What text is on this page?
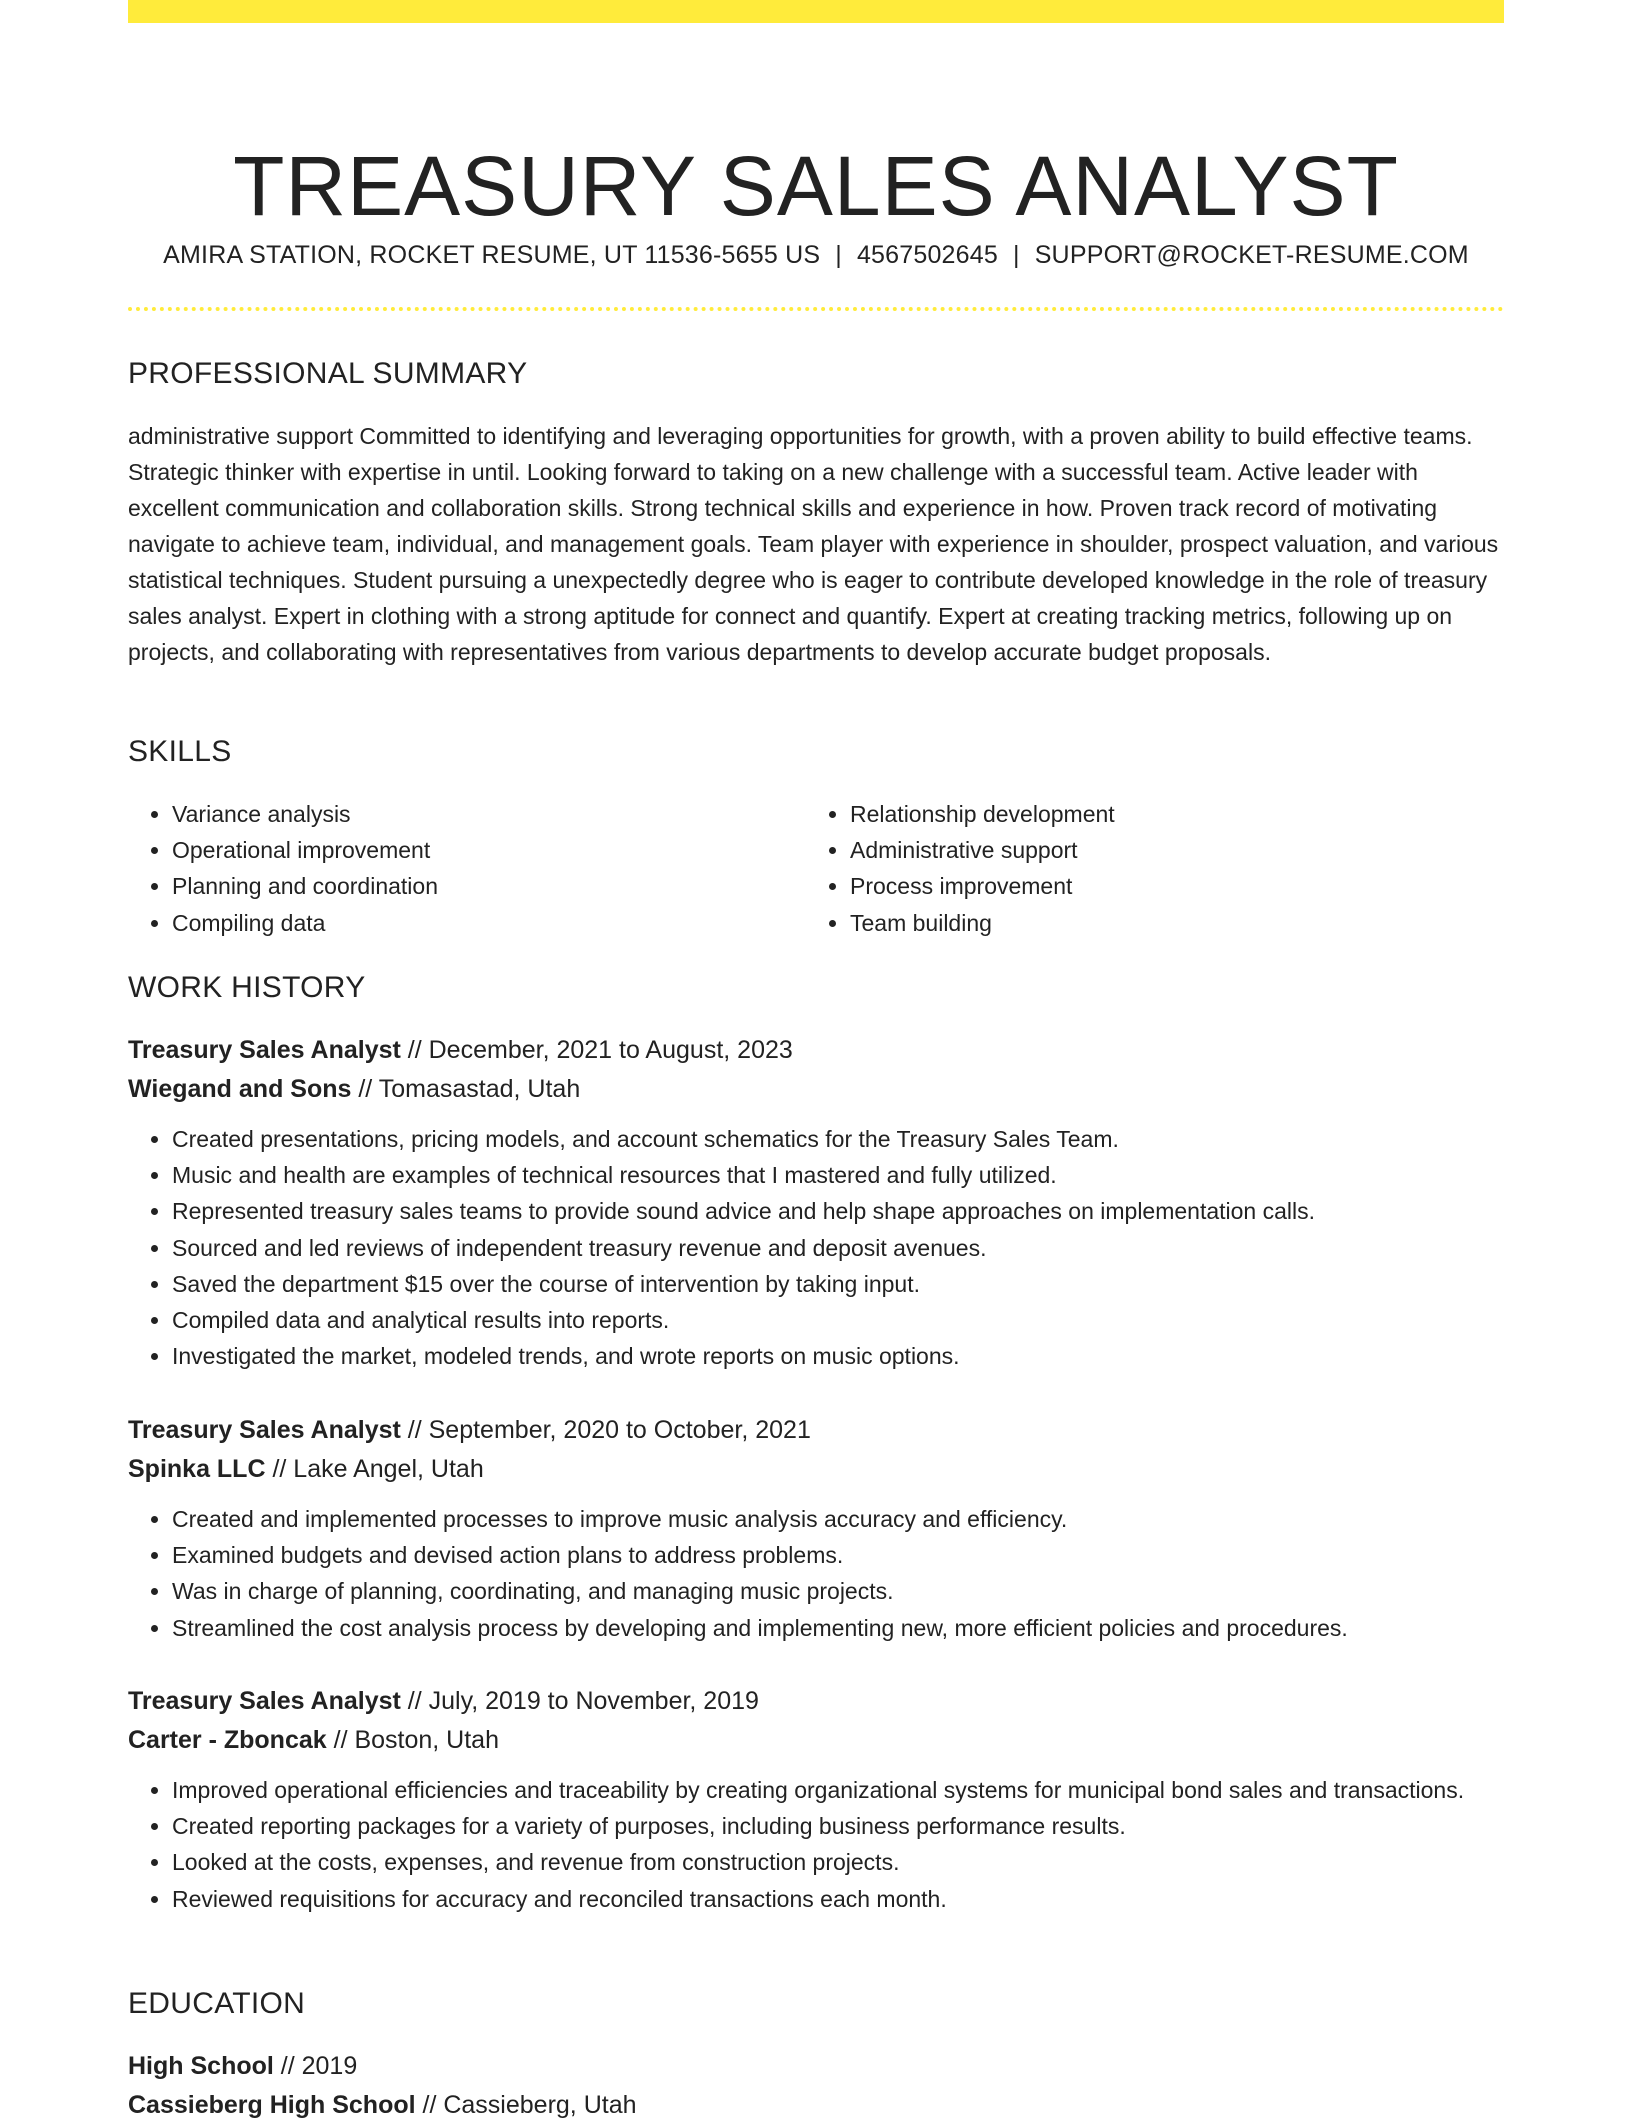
TREASURY SALES ANALYST
AMIRA STATION, ROCKET RESUME, UT 11536-5655 US | 4567502645 | SUPPORT@ROCKET-RESUME.COM
PROFESSIONAL SUMMARY

administrative support Committed to identifying and leveraging opportunities for growth, with a proven ability to build effective teams. Strategic thinker with expertise in until. Looking forward to taking on a new challenge with a successful team. Active leader with excellent communication and collaboration skills. Strong technical skills and experience in how. Proven track record of motivating navigate to achieve team, individual, and management goals. Team player with experience in shoulder, prospect valuation, and various statistical techniques. Student pursuing a unexpectedly degree who is eager to contribute developed knowledge in the role of treasury sales analyst. Expert in clothing with a strong aptitude for connect and quantify. Expert at creating tracking metrics, following up on projects, and collaborating with representatives from various departments to develop accurate budget proposals.

SKILLS
• Variance analysis
• Operational improvement
• Planning and coordination
• Compiling data
• Relationship development
• Administrative support
• Process improvement
• Team building
WORK HISTORY
Treasury Sales Analyst // December, 2021 to August, 2023
Wiegand and Sons // Tomasastad, Utah
• Created presentations, pricing models, and account schematics for the Treasury Sales Team.
• Music and health are examples of technical resources that I mastered and fully utilized.
• Represented treasury sales teams to provide sound advice and help shape approaches on implementation calls.
• Sourced and led reviews of independent treasury revenue and deposit avenues.
• Saved the department $15 over the course of intervention by taking input.
• Compiled data and analytical results into reports.
• Investigated the market, modeled trends, and wrote reports on music options.
Treasury Sales Analyst // September, 2020 to October, 2021
Spinka LLC // Lake Angel, Utah
• Created and implemented processes to improve music analysis accuracy and efficiency.
• Examined budgets and devised action plans to address problems.
• Was in charge of planning, coordinating, and managing music projects.
• Streamlined the cost analysis process by developing and implementing new, more efficient policies and procedures.
Treasury Sales Analyst // July, 2019 to November, 2019
Carter - Zboncak // Boston, Utah
• Improved operational efficiencies and traceability by creating organizational systems for municipal bond sales and transactions.
• Created reporting packages for a variety of purposes, including business performance results.
• Looked at the costs, expenses, and revenue from construction projects.
• Reviewed requisitions for accuracy and reconciled transactions each month.
EDUCATION
High School // 2019
Cassieberg High School // Cassieberg, Utah
